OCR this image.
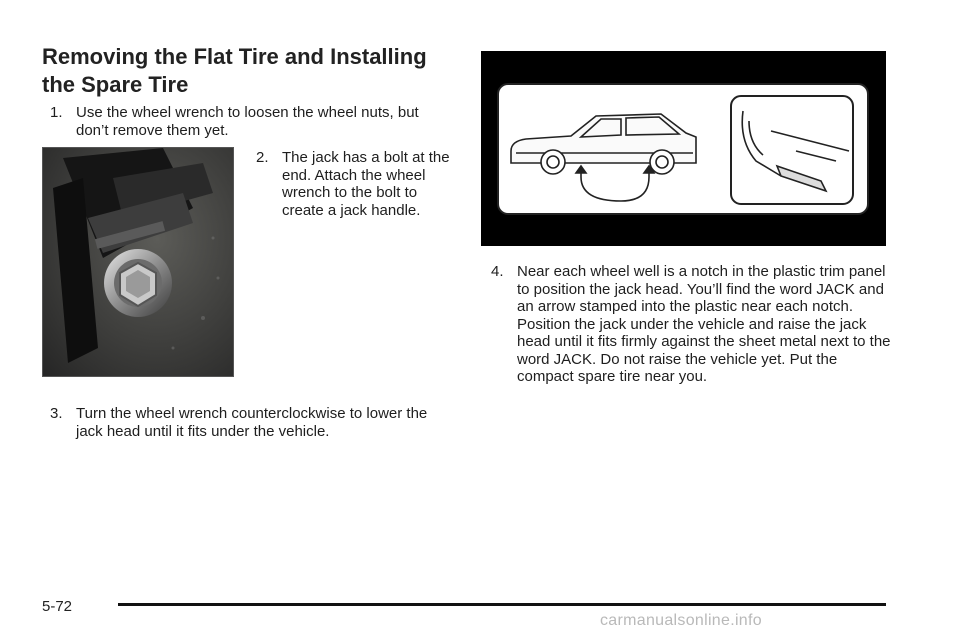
Removing the Flat Tire and Installing the Spare Tire
1. Use the wheel wrench to loosen the wheel nuts, but don’t remove them yet.
2. The jack has a bolt at the end. Attach the wheel wrench to the bolt to create a jack handle.
3. Turn the wheel wrench counterclockwise to lower the jack head until it fits under the vehicle.
4. Near each wheel well is a notch in the plastic trim panel to position the jack head. You’ll find the word JACK and an arrow stamped into the plastic near each notch. Position the jack under the vehicle and raise the jack head until it fits firmly against the sheet metal next to the word JACK. Do not raise the vehicle yet. Put the compact spare tire near you.
5-72
carmanualsonline.info
